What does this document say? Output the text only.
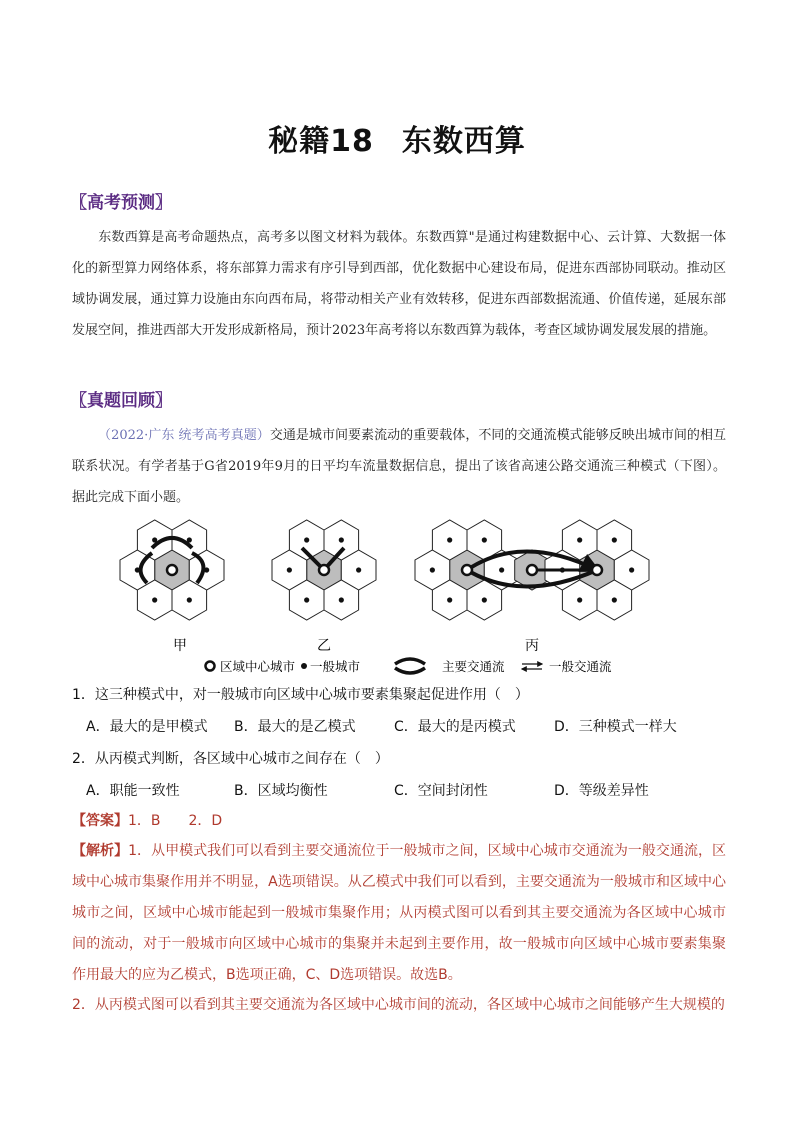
秘籍18 东数西算
〖高考预测〗
东数西算是高考命题热点，高考多以图文材料为载体。东数西算"是通过构建数据中心、云计算、大数据一体化的新型算力网络体系，将东部算力需求有序引导到西部，优化数据中心建设布局，促进东西部协同联动。推动区域协调发展，通过算力设施由东向西布局，将带动相关产业有效转移，促进东西部数据流通、价值传递，延展东部发展空间，推进西部大开发形成新格局，预计2023年高考将以东数西算为载体，考查区域协调发展发展的措施。
〖真题回顾〗
（2022·广东 统考高考真题）交通是城市间要素流动的重要载体，不同的交通流模式能够反映出城市间的相互联系状况。有学者基于G省2019年9月的日平均车流量数据信息，提出了该省高速公路交通流三种模式（下图）。据此完成下面小题。
甲	乙	丙
区域中心城市 一般城市	主要交通流	一般交通流
1．这三种模式中，对一般城市向区域中心城市要素集聚起促进作用（　）
A．最大的是甲模式 B．最大的是乙模式	C．最大的是丙模式	D．三种模式一样大
2．从丙模式判断，各区域中心城市之间存在（　）
A．职能一致性	B．区域均衡性	C．空间封闭性	D．等级差异性
【答案】1．B　　2．D
【解析】1．从甲模式我们可以看到主要交通流位于一般城市之间，区域中心城市交通流为一般交通流，区域中心城市集聚作用并不明显，A选项错误。从乙模式中我们可以看到，主要交通流为一般城市和区域中心城市之间，区域中心城市能起到一般城市集聚作用；从丙模式图可以看到其主要交通流为各区域中心城市间的流动，对于一般城市向区域中心城市的集聚并未起到主要作用，故一般城市向区域中心城市要素集聚作用最大的应为乙模式，B选项正确，C、D选项错误。故选B。
2．从丙模式图可以看到其主要交通流为各区域中心城市间的流动，各区域中心城市之间能够产生大规模的
